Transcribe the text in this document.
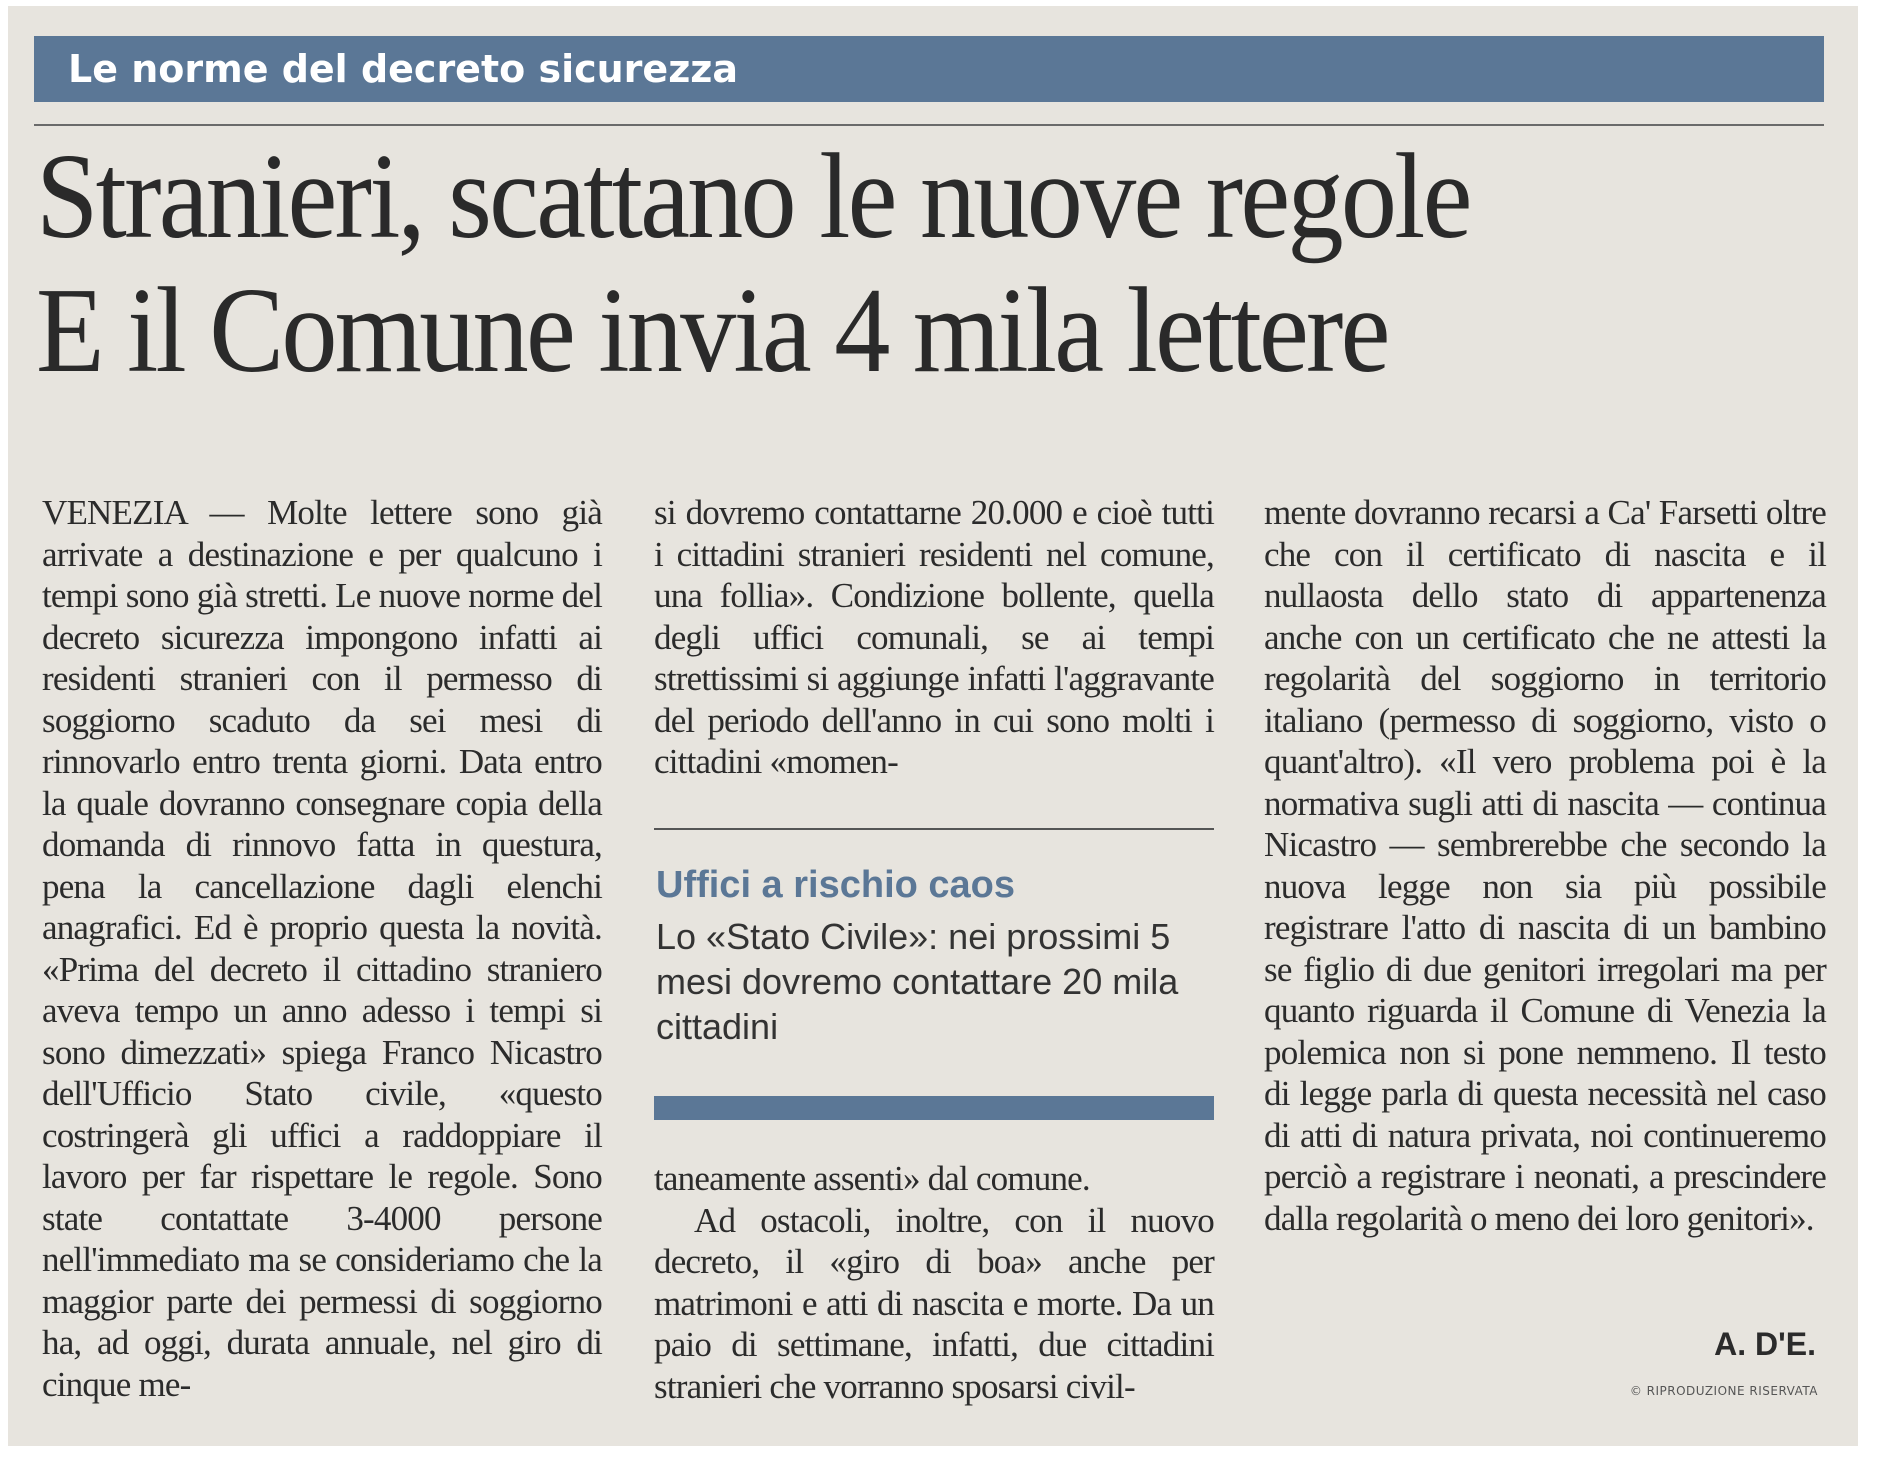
Le norme del decreto sicurezza
Stranieri, scattano le nuove regole
E il Comune invia 4 mila lettere

VENEZIA — Molte lettere sono già arrivate a destinazione e per qualcuno i tempi sono già stretti. Le nuove norme del decreto sicurezza impongono infatti ai residenti stranieri con il permesso di soggiorno scaduto da sei mesi di rinnovarlo entro trenta giorni. Data entro la quale dovranno consegnare copia della domanda di rinnovo fatta in questura, pena la cancellazione dagli elenchi anagrafici. Ed è proprio questa la novità. «Prima del decreto il cittadino straniero aveva tempo un anno adesso i tempi si sono dimezzati» spiega Franco Nicastro dell'Ufficio Stato civile, «questo costringerà gli uffici a raddoppiare il lavoro per far rispettare le regole. Sono state contattate 3-4000 persone nell'immediato ma se consideriamo che la maggior parte dei permessi di soggiorno ha, ad oggi, durata annuale, nel giro di cinque me-

si dovremo contattarne 20.000 e cioè tutti i cittadini stranieri residenti nel comune, una follia». Condizione bollente, quella degli uffici comunali, se ai tempi strettissimi si aggiunge infatti l'aggravante del periodo dell'anno in cui sono molti i cittadini «momen-

Uffici a rischio caos
Lo «Stato Civile»: nei prossimi 5 mesi dovremo contattare 20 mila cittadini

taneamente assenti» dal comune.

Ad ostacoli, inoltre, con il nuovo decreto, il «giro di boa» anche per matrimoni e atti di nascita e morte. Da un paio di settimane, infatti, due cittadini stranieri che vorranno sposarsi civil-

mente dovranno recarsi a Ca' Farsetti oltre che con il certificato di nascita e il nullaosta dello stato di appartenenza anche con un certificato che ne attesti la regolarità del soggiorno in territorio italiano (permesso di soggiorno, visto o quant'altro). «Il vero problema poi è la normativa sugli atti di nascita — continua Nicastro — sembrerebbe che secondo la nuova legge non sia più possibile registrare l'atto di nascita di un bambino se figlio di due genitori irregolari ma per quanto riguarda il Comune di Venezia la polemica non si pone nemmeno. Il testo di legge parla di questa necessità nel caso di atti di natura privata, noi continueremo perciò a registrare i neonati, a prescindere dalla regolarità o meno dei loro genitori».

A. D'E.
© RIPRODUZIONE RISERVATA
